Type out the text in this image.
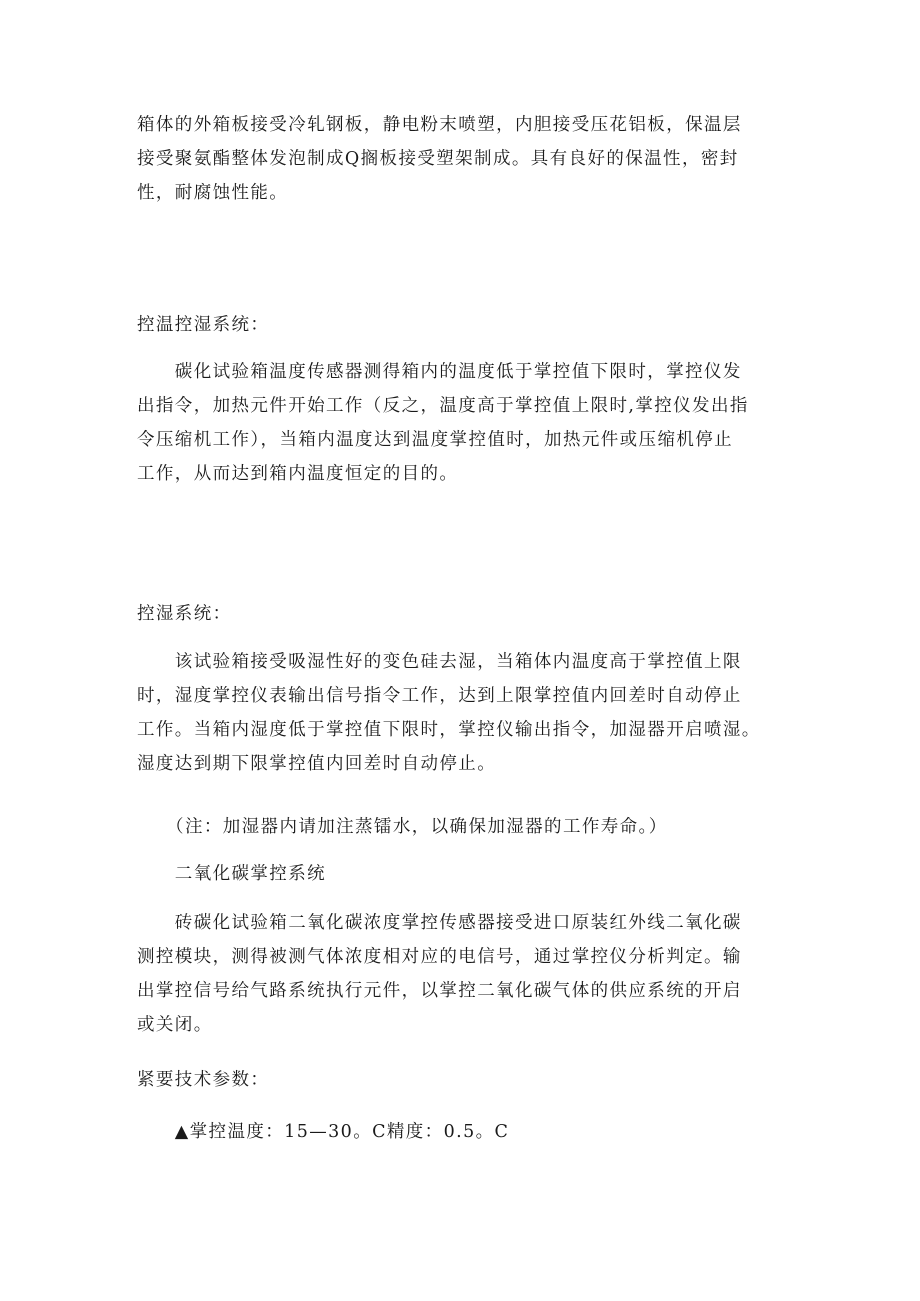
箱体的外箱板接受冷轧钢板，静电粉末喷塑，内胆接受压花铝板，保温层
接受聚氨酯整体发泡制成Q搁板接受塑架制成。具有良好的保温性，密封
性，耐腐蚀性能。
控温控湿系统：
　　碳化试验箱温度传感器测得箱内的温度低于掌控值下限时，掌控仪发
出指令，加热元件开始工作（反之，温度高于掌控值上限时,掌控仪发出指
令压缩机工作），当箱内温度达到温度掌控值时，加热元件或压缩机停止
工作，从而达到箱内温度恒定的目的。
控湿系统：
　　该试验箱接受吸湿性好的变色硅去湿，当箱体内温度高于掌控值上限
时，湿度掌控仪表输出信号指令工作，达到上限掌控值内回差时自动停止
工作。当箱内湿度低于掌控值下限时，掌控仪输出指令，加湿器开启喷湿。
湿度达到期下限掌控值内回差时自动停止。
　　（注：加湿器内请加注蒸镭水，以确保加湿器的工作寿命。）
　　二氧化碳掌控系统
　　砖碳化试验箱二氧化碳浓度掌控传感器接受进口原装红外线二氧化碳
测控模块，测得被测气体浓度相对应的电信号，通过掌控仪分析判定。输
出掌控信号给气路系统执行元件，以掌控二氧化碳气体的供应系统的开启
或关闭。
紧要技术参数：
　　▲掌控温度：15—30。C精度：0.5。C
